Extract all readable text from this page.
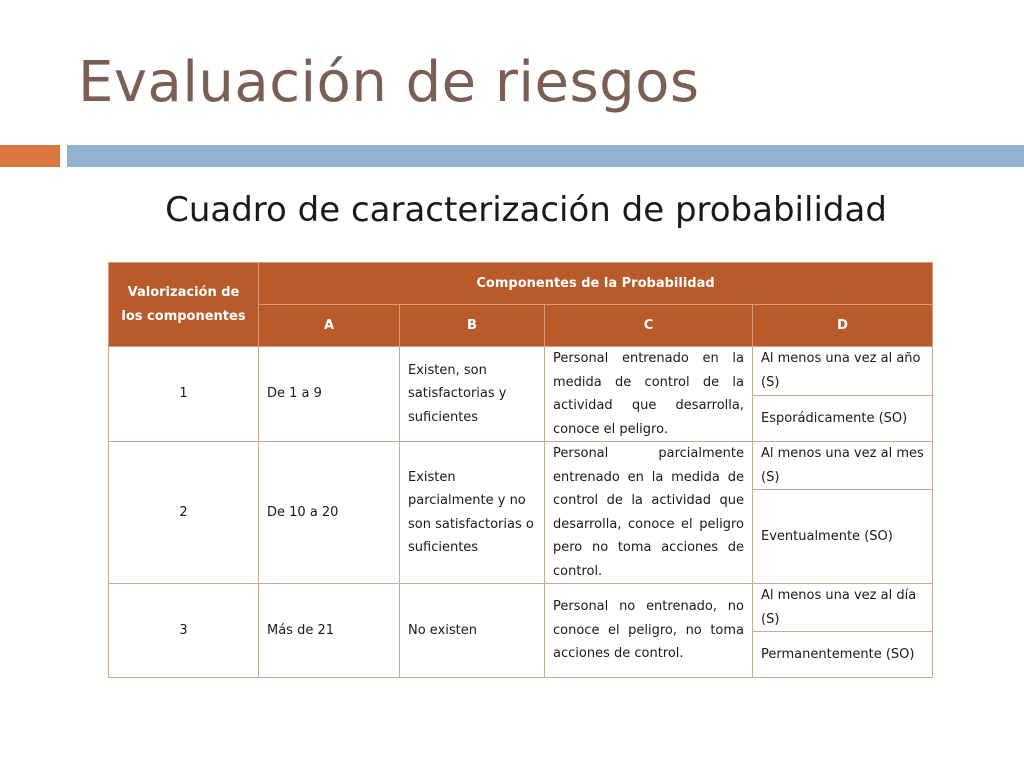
Evaluación de riesgos
Cuadro de caracterización de probabilidad
Valorización de los componentes	Componentes de la Probabilidad			
	A	B	C	D
1	De 1 a 9	Existen, son satisfactorias y suficientes	Personal entrenado en la medida de control de la actividad que desarrolla, conoce el peligro.	Al menos una vez al año (S)
				Esporádicamente (SO)
2	De 10 a 20	Existen parcialmente y no son satisfactorias o suficientes	Personal parcialmente entrenado en la medida de control de la actividad que desarrolla, conoce el peligro pero no toma acciones de control.	Al menos una vez al mes (S)
				Eventualmente (SO)
3	Más de 21	No existen	Personal no entrenado, no conoce el peligro, no toma acciones de control.	Al menos una vez al día (S)
				Permanentemente (SO)
